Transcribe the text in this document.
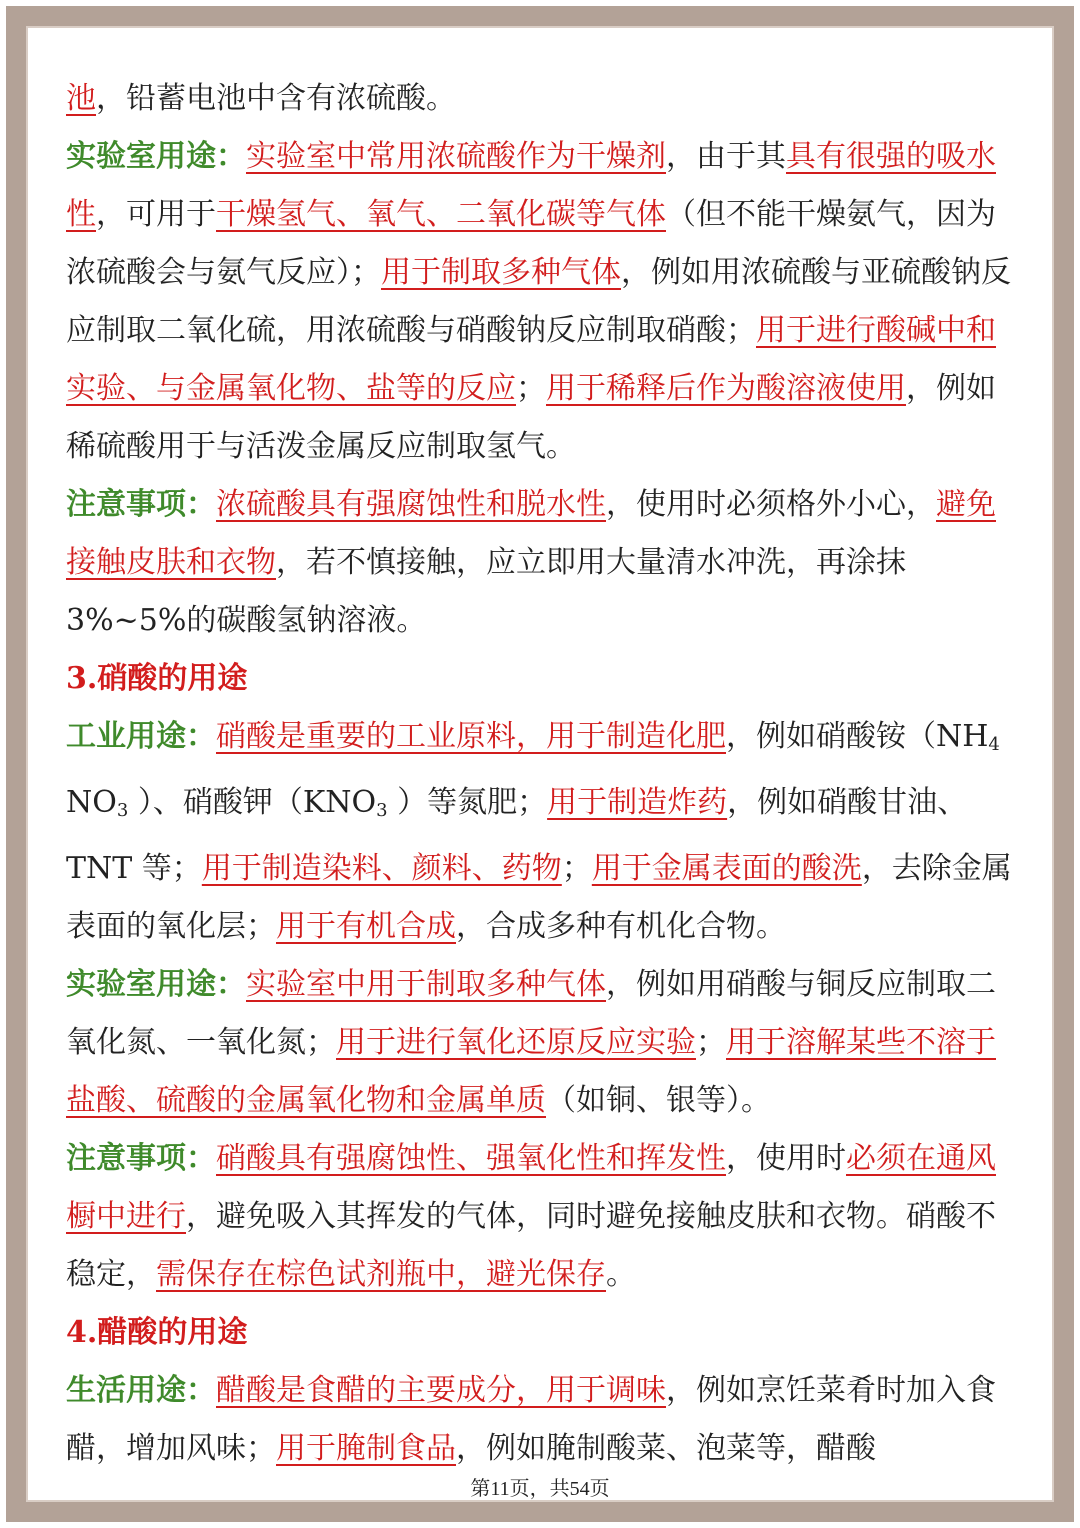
池，铅蓄电池中含有浓硫酸。

实验室用途：实验室中常用浓硫酸作为干燥剂，由于其具有很强的吸水性，可用于干燥氢气、氧气、二氧化碳等气体（但不能干燥氨气，因为浓硫酸会与氨气反应）；用于制取多种气体，例如用浓硫酸与亚硫酸钠反应制取二氧化硫，用浓硫酸与硝酸钠反应制取硝酸；用于进行酸碱中和实验、与金属氧化物、盐等的反应；用于稀释后作为酸溶液使用，例如稀硫酸用于与活泼金属反应制取氢气。

注意事项：浓硫酸具有强腐蚀性和脱水性，使用时必须格外小心，避免接触皮肤和衣物，若不慎接触，应立即用大量清水冲洗，再涂抹 3%~5%的碳酸氢钠溶液。

3.硝酸的用途

工业用途：硝酸是重要的工业原料，用于制造化肥，例如硝酸铵（$NH_4$ $NO_3$ ）、硝酸钾（$KNO_3$ ）等氮肥；用于制造炸药，例如硝酸甘油、TNT 等；用于制造染料、颜料、药物；用于金属表面的酸洗，去除金属表面的氧化层；用于有机合成，合成多种有机化合物。

实验室用途：实验室中用于制取多种气体，例如用硝酸与铜反应制取二氧化氮、一氧化氮；用于进行氧化还原反应实验；用于溶解某些不溶于盐酸、硫酸的金属氧化物和金属单质（如铜、银等）。

注意事项：硝酸具有强腐蚀性、强氧化性和挥发性，使用时必须在通风橱中进行，避免吸入其挥发的气体，同时避免接触皮肤和衣物。硝酸不稳定，需保存在棕色试剂瓶中，避光保存。

4.醋酸的用途

生活用途：醋酸是食醋的主要成分，用于调味，例如烹饪菜肴时加入食醋，增加风味；用于腌制食品，例如腌制酸菜、泡菜等，醋酸

第11页，共54页
